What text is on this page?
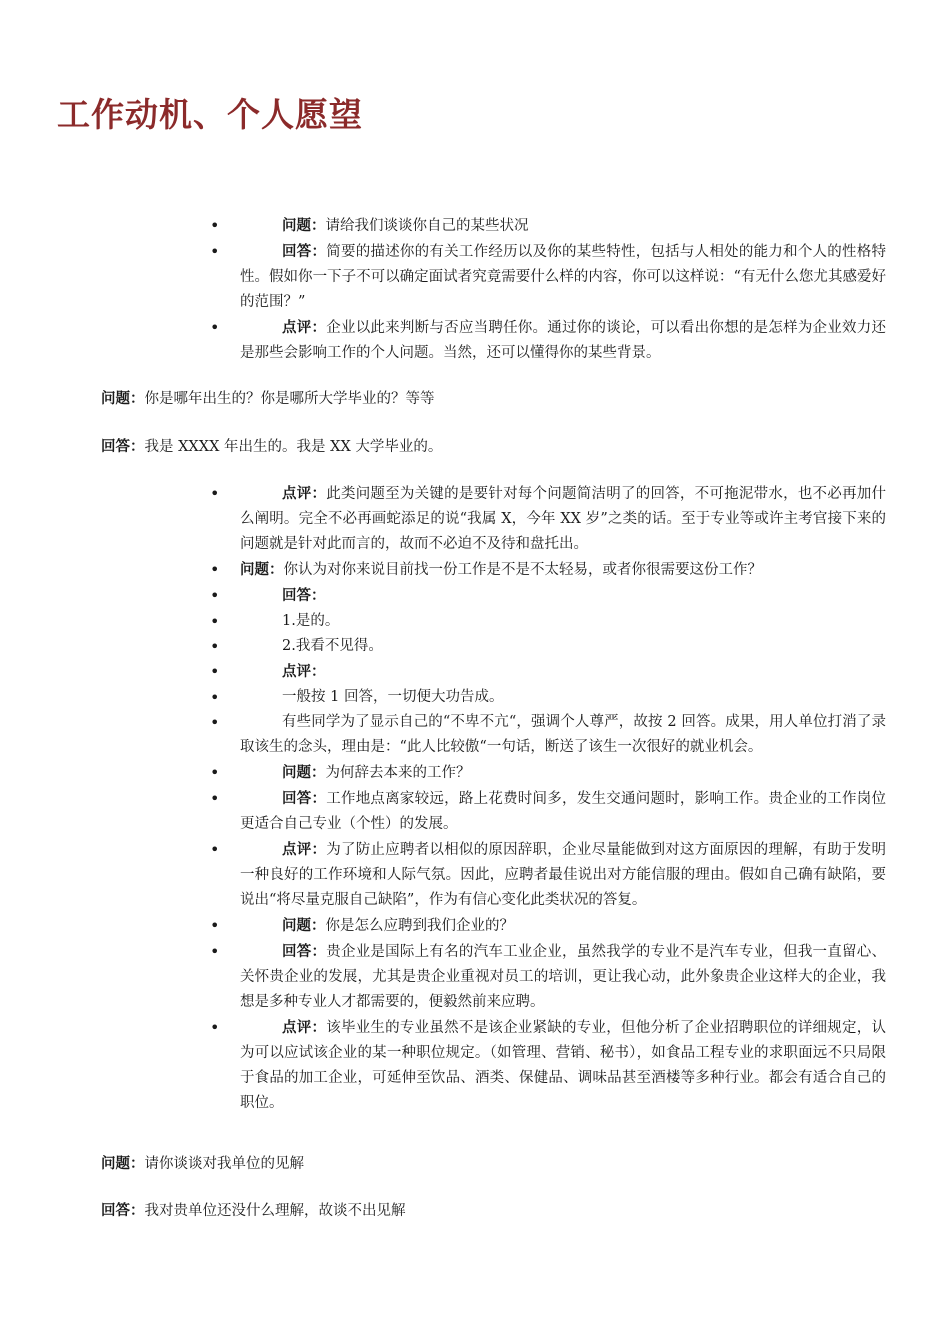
工作动机、个人愿望
•	问题：请给我们谈谈你自己的某些状况
•	回答：简要的描述你的有关工作经历以及你的某些特性，包括与人相处的能力和个人的性格特性。假如你一下子不可以确定面试者究竟需要什么样的内容，你可以这样说：“有无什么您尤其感爱好的范围？”
•	点评：企业以此来判断与否应当聘任你。通过你的谈论，可以看出你想的是怎样为企业效力还是那些会影响工作的个人问题。当然，还可以懂得你的某些背景。

问题：你是哪年出生的？你是哪所大学毕业的？等等

回答：我是 XXXX 年出生的。我是 XX 大学毕业的。

•	点评：此类问题至为关键的是要针对每个问题简洁明了的回答，不可拖泥带水，也不必再加什么阐明。完全不必再画蛇添足的说“我属 X，今年 XX 岁”之类的话。至于专业等或许主考官接下来的问题就是针对此而言的，故而不必迫不及待和盘托出。
• 问题：你认为对你来说目前找一份工作是不是不太轻易，或者你很需要这份工作？
•	回答：
•	1.是的。
•	2.我看不见得。
•	点评：
•	一般按 1 回答，一切便大功告成。
•	有些同学为了显示自己的“不卑不亢“，强调个人尊严，故按 2 回答。成果，用人单位打消了录取该生的念头，理由是：“此人比较傲“一句话，断送了该生一次很好的就业机会。
•	问题：为何辞去本来的工作？
•	回答：工作地点离家较远，路上花费时间多，发生交通问题时，影响工作。贵企业的工作岗位更适合自己专业（个性）的发展。
•	点评：为了防止应聘者以相似的原因辞职，企业尽量能做到对这方面原因的理解，有助于发明一种良好的工作环境和人际气氛。因此，应聘者最佳说出对方能信服的理由。假如自己确有缺陷，要说出“将尽量克服自己缺陷”，作为有信心变化此类状况的答复。
•	问题：你是怎么应聘到我们企业的？
•	回答：贵企业是国际上有名的汽车工业企业，虽然我学的专业不是汽车专业，但我一直留心、关怀贵企业的发展，尤其是贵企业重视对员工的培训，更让我心动，此外象贵企业这样大的企业，我想是多种专业人才都需要的，便毅然前来应聘。
•	点评：该毕业生的专业虽然不是该企业紧缺的专业，但他分析了企业招聘职位的详细规定，认为可以应试该企业的某一种职位规定。（如管理、营销、秘书），如食品工程专业的求职面远不只局限于食品的加工企业，可延伸至饮品、酒类、保健品、调味品甚至酒楼等多种行业。都会有适合自己的职位。

问题：请你谈谈对我单位的见解

回答：我对贵单位还没什么理解，故谈不出见解
